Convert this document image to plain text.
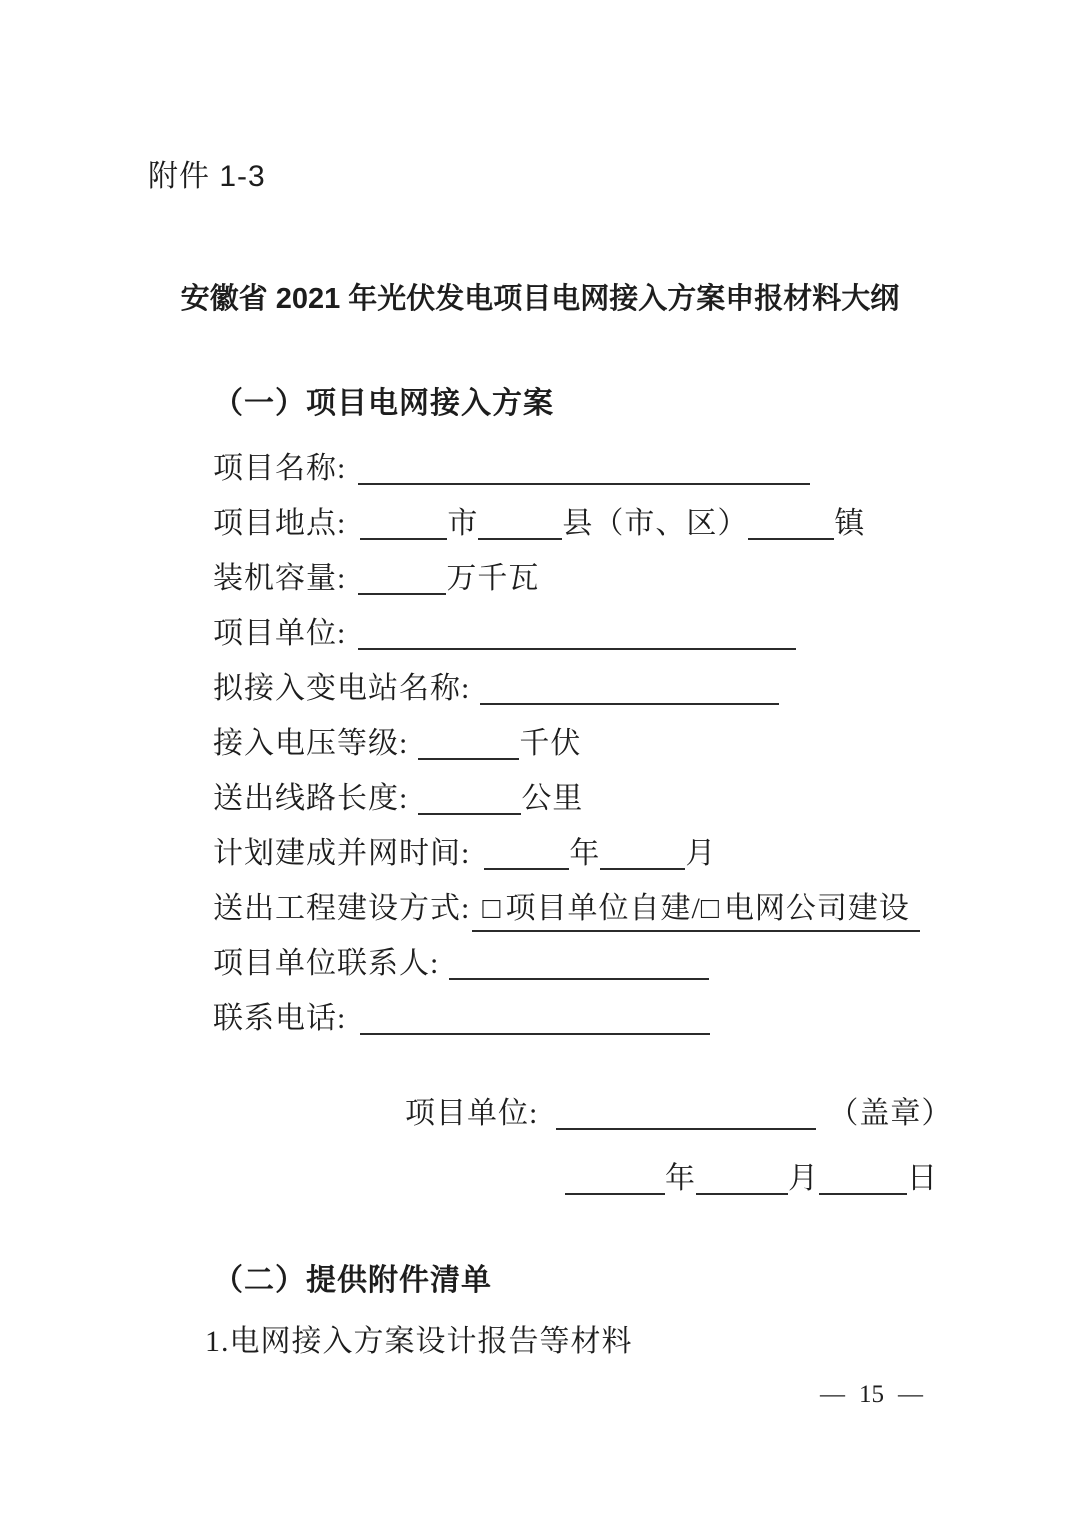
附件 1-3
安徽省 2021 年光伏发电项目电网接入方案申报材料大纲
（一）项目电网接入方案
项目名称:
项目地点:	市	县（市、区）	镇
装机容量:	万千瓦
项目单位:
拟接入变电站名称:
接入电压等级:	千伏
送出线路长度:	公里
计划建成并网时间:	年	月
送出工程建设方式: □ 项目单位自建/□ 电网公司建设
项目单位联系人:
联系电话:
项目单位:	（盖章）
年	月	日
（二）提供附件清单
1.电网接入方案设计报告等材料
— 15 —
